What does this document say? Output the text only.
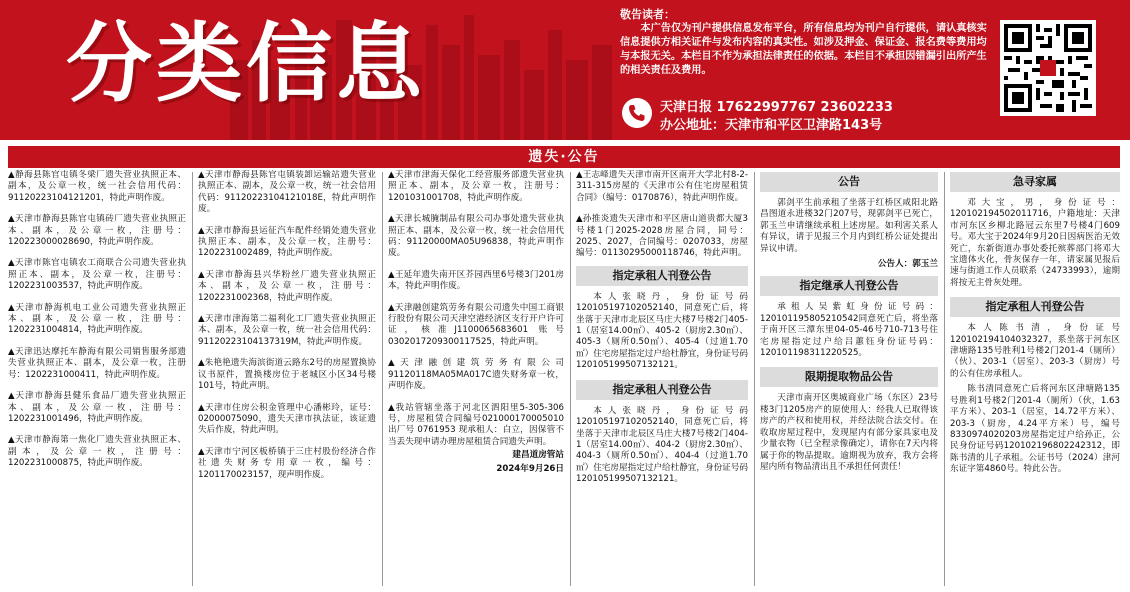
分类信息	敬告读者：
本广告仅为刊户提供信息发布平台，所有信息均为刊户自行提供，请认真核实信息提供方相关证件与发布内容的真实性。如涉及押金、保证金、报名费等费用均与本报无关。本栏目不作为承担法律责任的依据。本栏目不承担因错漏引出所产生的相关责任及费用。
天津日报 17622997767 23602233
办公地址：天津市和平区卫津路143号
遗失·公告

▲静海县陈官屯镇冬梁厂遗失营业执照正本、副本，及公章一枚，统一社会信用代码：91120223104121201，特此声明作废。

▲天津市静海县陈官屯镇砖厂遗失营业执照正本、副本，及公章一枚，注册号：120223000028690，特此声明作废。

▲天津市陈官屯镇农工商联合公司遗失营业执照正本、副本，及公章一枚，注册号：1202231003537，特此声明作废。

▲天津市静海机电工业公司遗失营业执照正本、副本，及公章一枚，注册号：1202231004814，特此声明作废。

▲天津迅达摩托车静海有限公司销售服务部遗失营业执照正本、副本，及公章一枚，注册号：1202231000411，特此声明作废。

▲天津市静海县健乐食品厂遗失营业执照正本、副本，及公章一枚，注册号：1202231001496，特此声明作废。

▲天津市静海第一焦化厂遗失营业执照正本、副本，及公章一枚，注册号：1202231000875，特此声明作废。

▲天津市静海县陈官屯镇装卸运输站遗失营业执照正本、副本，及公章一枚，统一社会信用代码：91120223104121018E，特此声明作废。

▲天津市静海县运征汽车配件经销处遗失营业执照正本、副本，及公章一枚，注册号：1202231002489，特此声明作废。

▲天津市静海县兴华粉丝厂遗失营业执照正本、副本，及公章一枚，注册号：1202231002368，特此声明作废。

▲天津市津海第二福利化工厂遗失营业执照正本、副本，及公章一枚，统一社会信用代码：91120223104137319M，特此声明作废。

▲朱艳艳遗失海滨街道云路东2号的房屋置换协议书原件，置换楼房位于老城区小区34号楼101号，特此声明。

▲天津市住房公积金管理中心潘彬玲，证号：02000075090，遗失天津市执法证，该证遗失后作废，特此声明。

▲天津市宁河区板桥镇于三庄村股份经济合作社遗失财务专用章一枚，编号：1201170023157，现声明作废。

▲天津市津海天保化工经营服务部遗失营业执照正本、副本，及公章一枚，注册号：1201031001708，特此声明作废。

▲天津长城腌制品有限公司办事处遗失营业执照正本、副本，及公章一枚，统一社会信用代码：91120000MA05U96838，特此声明作废。

▲王延年遗失南开区芥园西里6号楼3门201房本，特此声明作废。

▲天津融创建筑劳务有限公司遗失中国工商银行股份有限公司天津空港经济区支行开户许可证，核准J1100065683601 账号0302017209300117525，特此声明。

▲天津融创建筑劳务有限公司91120118MA05MA017C遗失财务章一枚，声明作废。

▲我站管辖坐落于河北区泗阳里5-305-306号，房屋租赁合同编号021000170005010 出厂号 0761953 现承租人：白立，因保管不当丢失现申请办理房屋租赁合同遗失声明。

建昌道房管站
2024年9月26日

▲王志峰遗失天津市南开区南开大学北村8-2-311-315房屋的《天津市公有住宅房屋租赁合同》（编号：0170876），特此声明作废。

▲孙推炎遗失天津市和平区唐山道贵都大厦3号楼1门2025-2028房屋合同，同号：2025、2027，合同编号：0207033，房屋编号：01130295000118746，特此声明。

指定承租人刊登公告

本人张晓丹，身份证号码120105197102052140，同意死亡后，将坐落于天津市北辰区马庄大楼7号楼2门405-1（居室14.00㎡）、405-2（厨房2.30㎡）、405-3（厕所0.50㎡）、405-4（过道1.70㎡）住宅房屋指定过户给杜静宜，身份证号码120105199507132121。

指定承租人刊登公告

本人张晓丹，身份证号码120105197102052140，同意死亡后，将坐落于天津市北辰区马庄大楼7号楼2门404-1（居室14.00㎡）、404-2（厨房2.30㎡）、404-3（厕所0.50㎡）、404-4（过道1.70㎡）住宅房屋指定过户给杜静宜，身份证号码120105199507132121。

公告

郭剑平生前承租了坐落于红桥区咸阳北路昌图道永进楼32门207号，现郭剑平已死亡，郭玉兰申请继续承租上述房屋。如利害关系人有异议，请于见报三个月内到红桥公证处提出异议申请。

公告人：郭玉兰
指定继承人刊登公告

承租人吴紫虹身份证号码：120101195805210542同意死亡后，将坐落于南开区三潭东里04-05-46号710-713号住宅房屋指定过户给吕蕙钰身份证号码：120101198311220525。

限期提取物品公告

天津市南开区奥城商业广场（东区）23号楼3门1205房产的原使用人：经我人已取得该房产的产权和使用权，并经法院合法交付。在收取房屋过程中，发现屋内有部分家具家电及少量衣物（已全程录像确定），请你在7天内将属于你的物品提取。逾期视为放弃，我方会将屋内所有物品清出且不承担任何责任！

急寻家属

邓大宝，男，身份证号：120102194502011716，户籍地址：天津市河东区乡柳北路冠云东里7号楼4门609号。邓大宝于2024年9月20日因病医治无效死亡，东新街道办事处委托殡葬部门将邓大宝遗体火化，骨灰保存一年，请家属见报后速与街道工作人员联系（24733993），逾期将按无主骨灰处理。

指定承租人刊登公告

本人陈书清，身份证号120102194104032327，系坐落于河东区津塘路135号胜利1号楼2门201-4（厕所）（伙）、203-1（居室）、203-3（厨房）号的公有住房承租人。

陈书清同意死亡后将河东区津塘路135号胜利1号楼2门201-4（厕所）（伙，1.63平方米）、203-1（居室，14.72平方米）、203-3（厨房，4.24平方米）号，编号8330974020203房屋指定过户给孙正，公民身份证号码120102196802242312，即陈书清的儿子承租。公证书号（2024）津河东证字第4860号。特此公告。
